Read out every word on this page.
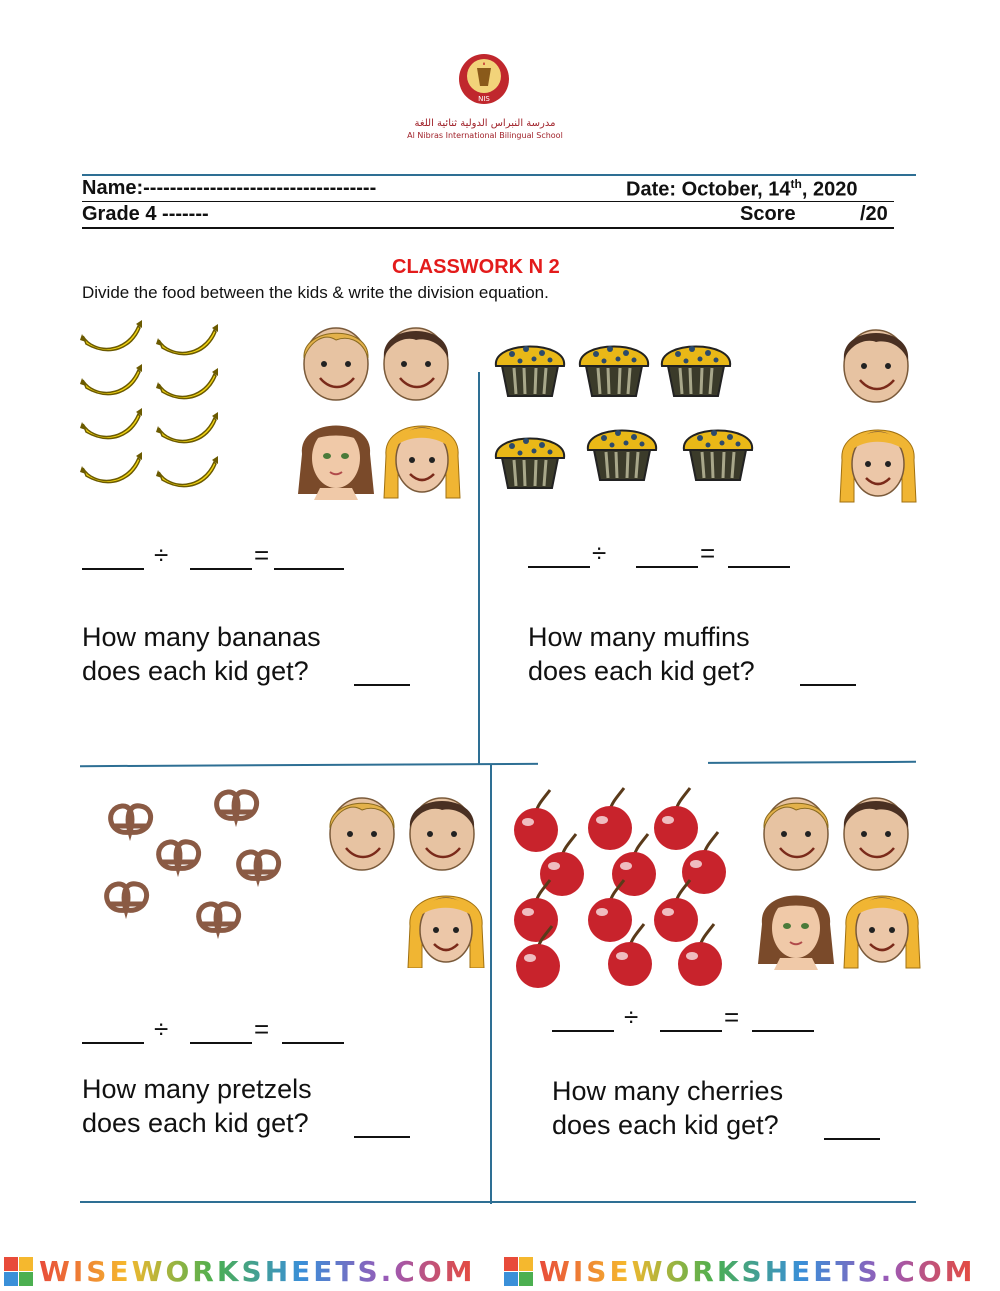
NIS
مدرسة النبراس الدولية ثنائية اللغة
Al Nibras International Bilingual School
Name:-----------------------------------	Date: October, 14th, 2020
Grade 4 -------	Score	/20
CLASSWORK N 2
Divide the food between the kids & write the division equation.
÷	=
How many bananas
does each kid get?
÷	=
How many muffins
does each kid get?
÷	=
How many pretzels
does each kid get?
÷	=
How many cherries
does each kid get?
WISEWORKSHEETS.COM WISEWORKSHEETS.COM
